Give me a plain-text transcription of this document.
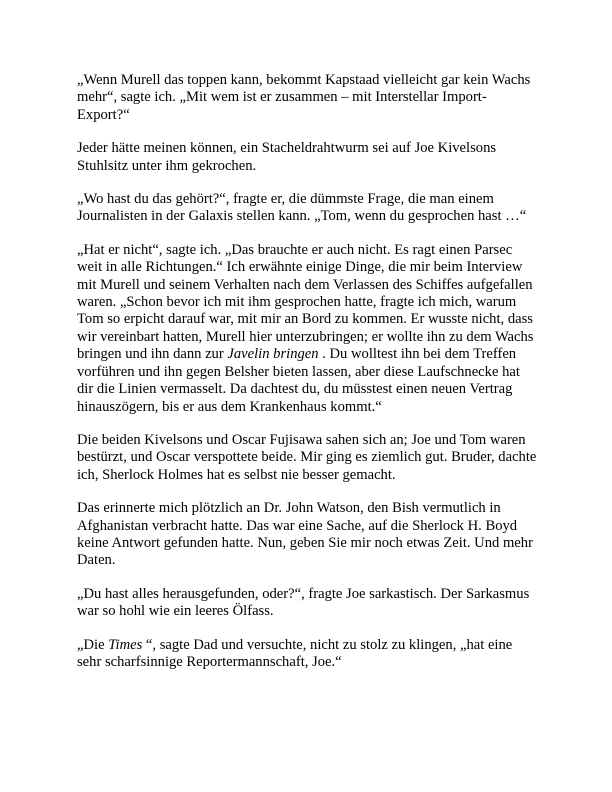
„Wenn Murell das toppen kann, bekommt Kapstaad vielleicht gar kein Wachs mehr“, sagte ich. „Mit wem ist er zusammen – mit Interstellar Import-Export?“

Jeder hätte meinen können, ein Stacheldrahtwurm sei auf Joe Kivelsons Stuhlsitz unter ihm gekrochen.

„Wo hast du das gehört?“, fragte er, die dümmste Frage, die man einem Journalisten in der Galaxis stellen kann. „Tom, wenn du gesprochen hast …“

„Hat er nicht“, sagte ich. „Das brauchte er auch nicht. Es ragt einen Parsec weit in alle Richtungen.“ Ich erwähnte einige Dinge, die mir beim Interview mit Murell und seinem Verhalten nach dem Verlassen des Schiffes aufgefallen waren. „Schon bevor ich mit ihm gesprochen hatte, fragte ich mich, warum Tom so erpicht darauf war, mit mir an Bord zu kommen. Er wusste nicht, dass wir vereinbart hatten, Murell hier unterzubringen; er wollte ihn zu dem Wachs bringen und ihn dann zur Javelin bringen . Du wolltest ihn bei dem Treffen vorführen und ihn gegen Belsher bieten lassen, aber diese Laufschnecke hat dir die Linien vermasselt. Da dachtest du, du müsstest einen neuen Vertrag hinauszögern, bis er aus dem Krankenhaus kommt.“

Die beiden Kivelsons und Oscar Fujisawa sahen sich an; Joe und Tom waren bestürzt, und Oscar verspottete beide. Mir ging es ziemlich gut. Bruder, dachte ich, Sherlock Holmes hat es selbst nie besser gemacht.

Das erinnerte mich plötzlich an Dr. John Watson, den Bish vermutlich in Afghanistan verbracht hatte. Das war eine Sache, auf die Sherlock H. Boyd keine Antwort gefunden hatte. Nun, geben Sie mir noch etwas Zeit. Und mehr Daten.

„Du hast alles herausgefunden, oder?“, fragte Joe sarkastisch. Der Sarkasmus war so hohl wie ein leeres Ölfass.

„Die Times “, sagte Dad und versuchte, nicht zu stolz zu klingen, „hat eine sehr scharfsinnige Reportermannschaft, Joe.“
